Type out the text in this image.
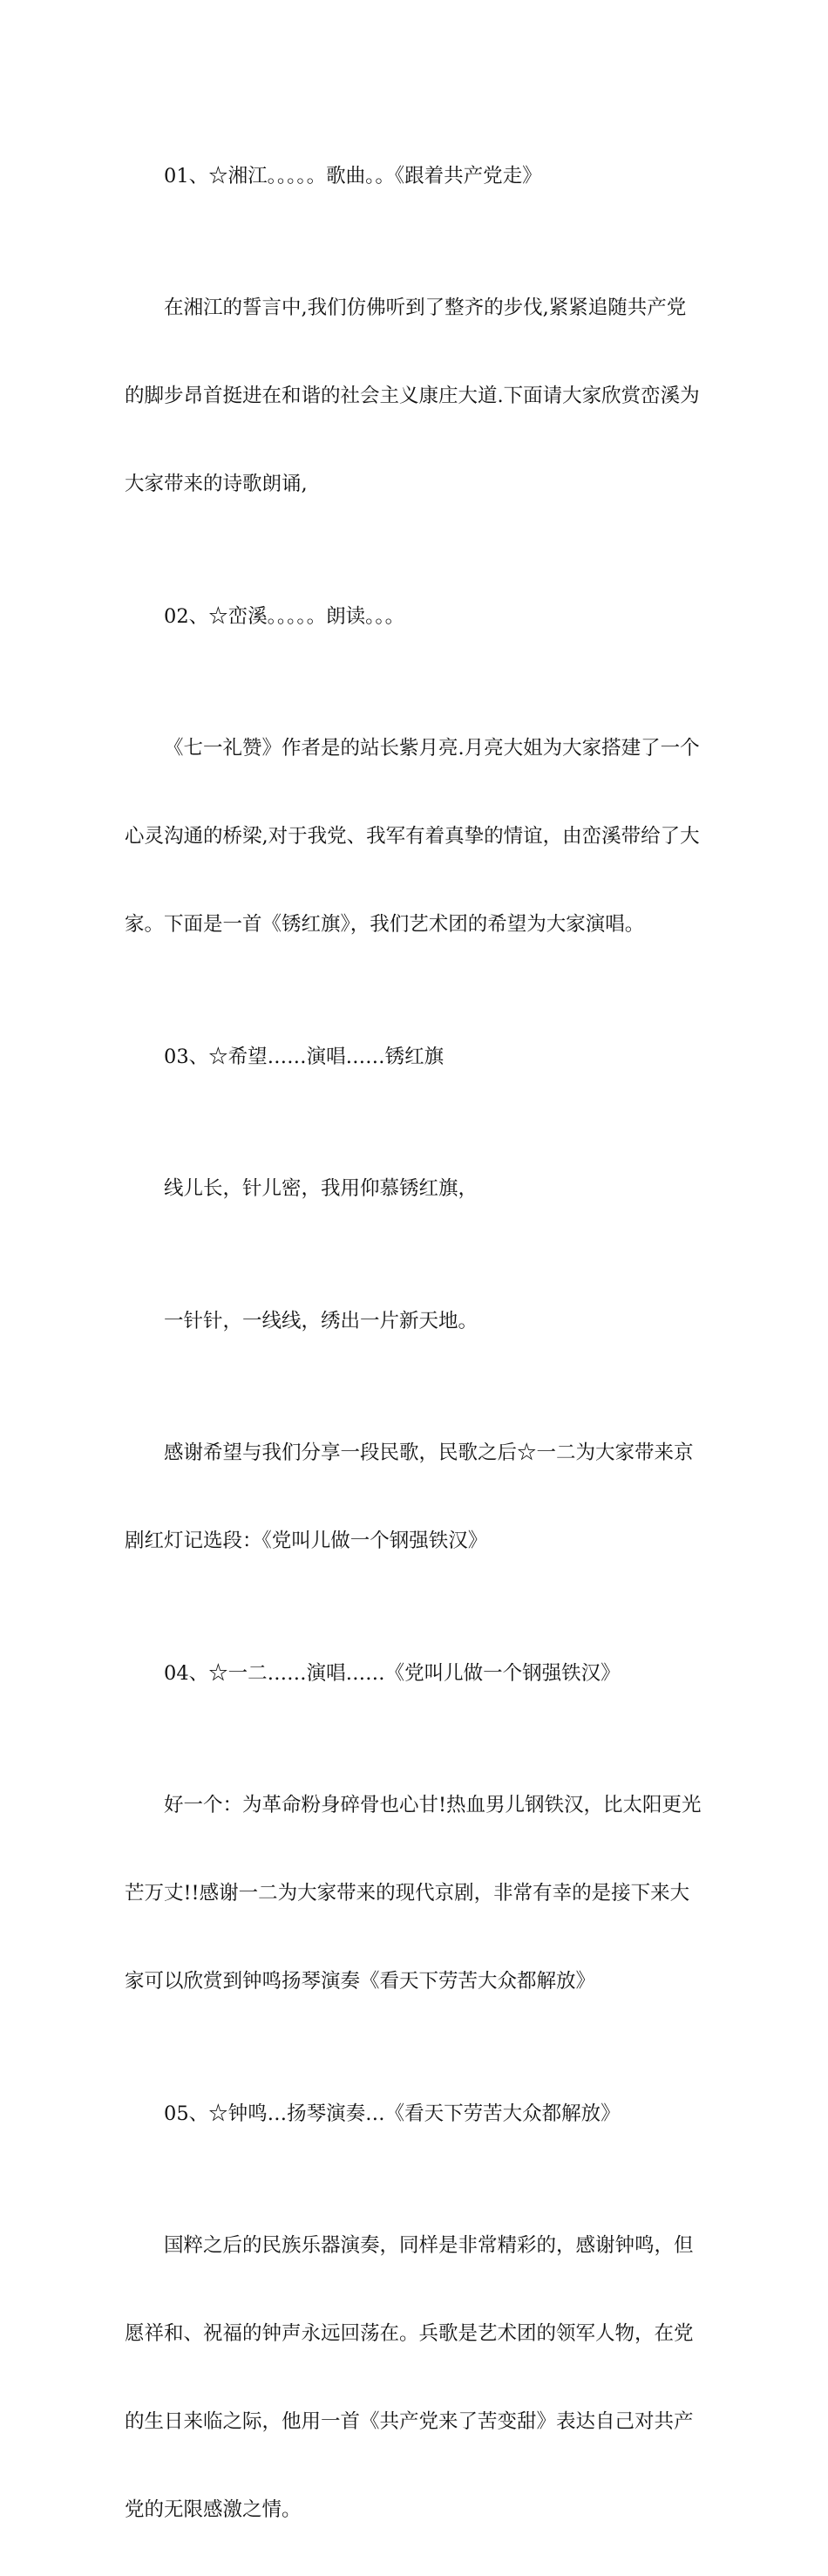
01、☆湘江。。。。。歌曲。。《跟着共产党走》

在湘江的誓言中,我们仿佛听到了整齐的步伐,紧紧追随共产党

的脚步昂首挺进在和谐的社会主义康庄大道.下面请大家欣赏峦溪为

大家带来的诗歌朗诵,

02、☆峦溪。。。。。朗读。。。

《七一礼赞》作者是的站长紫月亮.月亮大姐为大家搭建了一个

心灵沟通的桥梁,对于我党、我军有着真挚的情谊，由峦溪带给了大

家。下面是一首《锈红旗》，我们艺术团的希望为大家演唱。

03、☆希望……演唱……锈红旗

线儿长，针儿密，我用仰慕锈红旗，

一针针，一线线，绣出一片新天地。

感谢希望与我们分享一段民歌，民歌之后☆一二为大家带来京

剧红灯记选段：《党叫儿做一个钢强铁汉》

04、☆一二……演唱……《党叫儿做一个钢强铁汉》

好一个：为革命粉身碎骨也心甘!热血男儿钢铁汉，比太阳更光

芒万丈!!感谢一二为大家带来的现代京剧，非常有幸的是接下来大

家可以欣赏到钟鸣扬琴演奏《看天下劳苦大众都解放》

05、☆钟鸣…扬琴演奏…《看天下劳苦大众都解放》

国粹之后的民族乐器演奏，同样是非常精彩的，感谢钟鸣，但

愿祥和、祝福的钟声永远回荡在。兵歌是艺术团的领军人物，在党

的生日来临之际，他用一首《共产党来了苦变甜》表达自己对共产

党的无限感激之情。
